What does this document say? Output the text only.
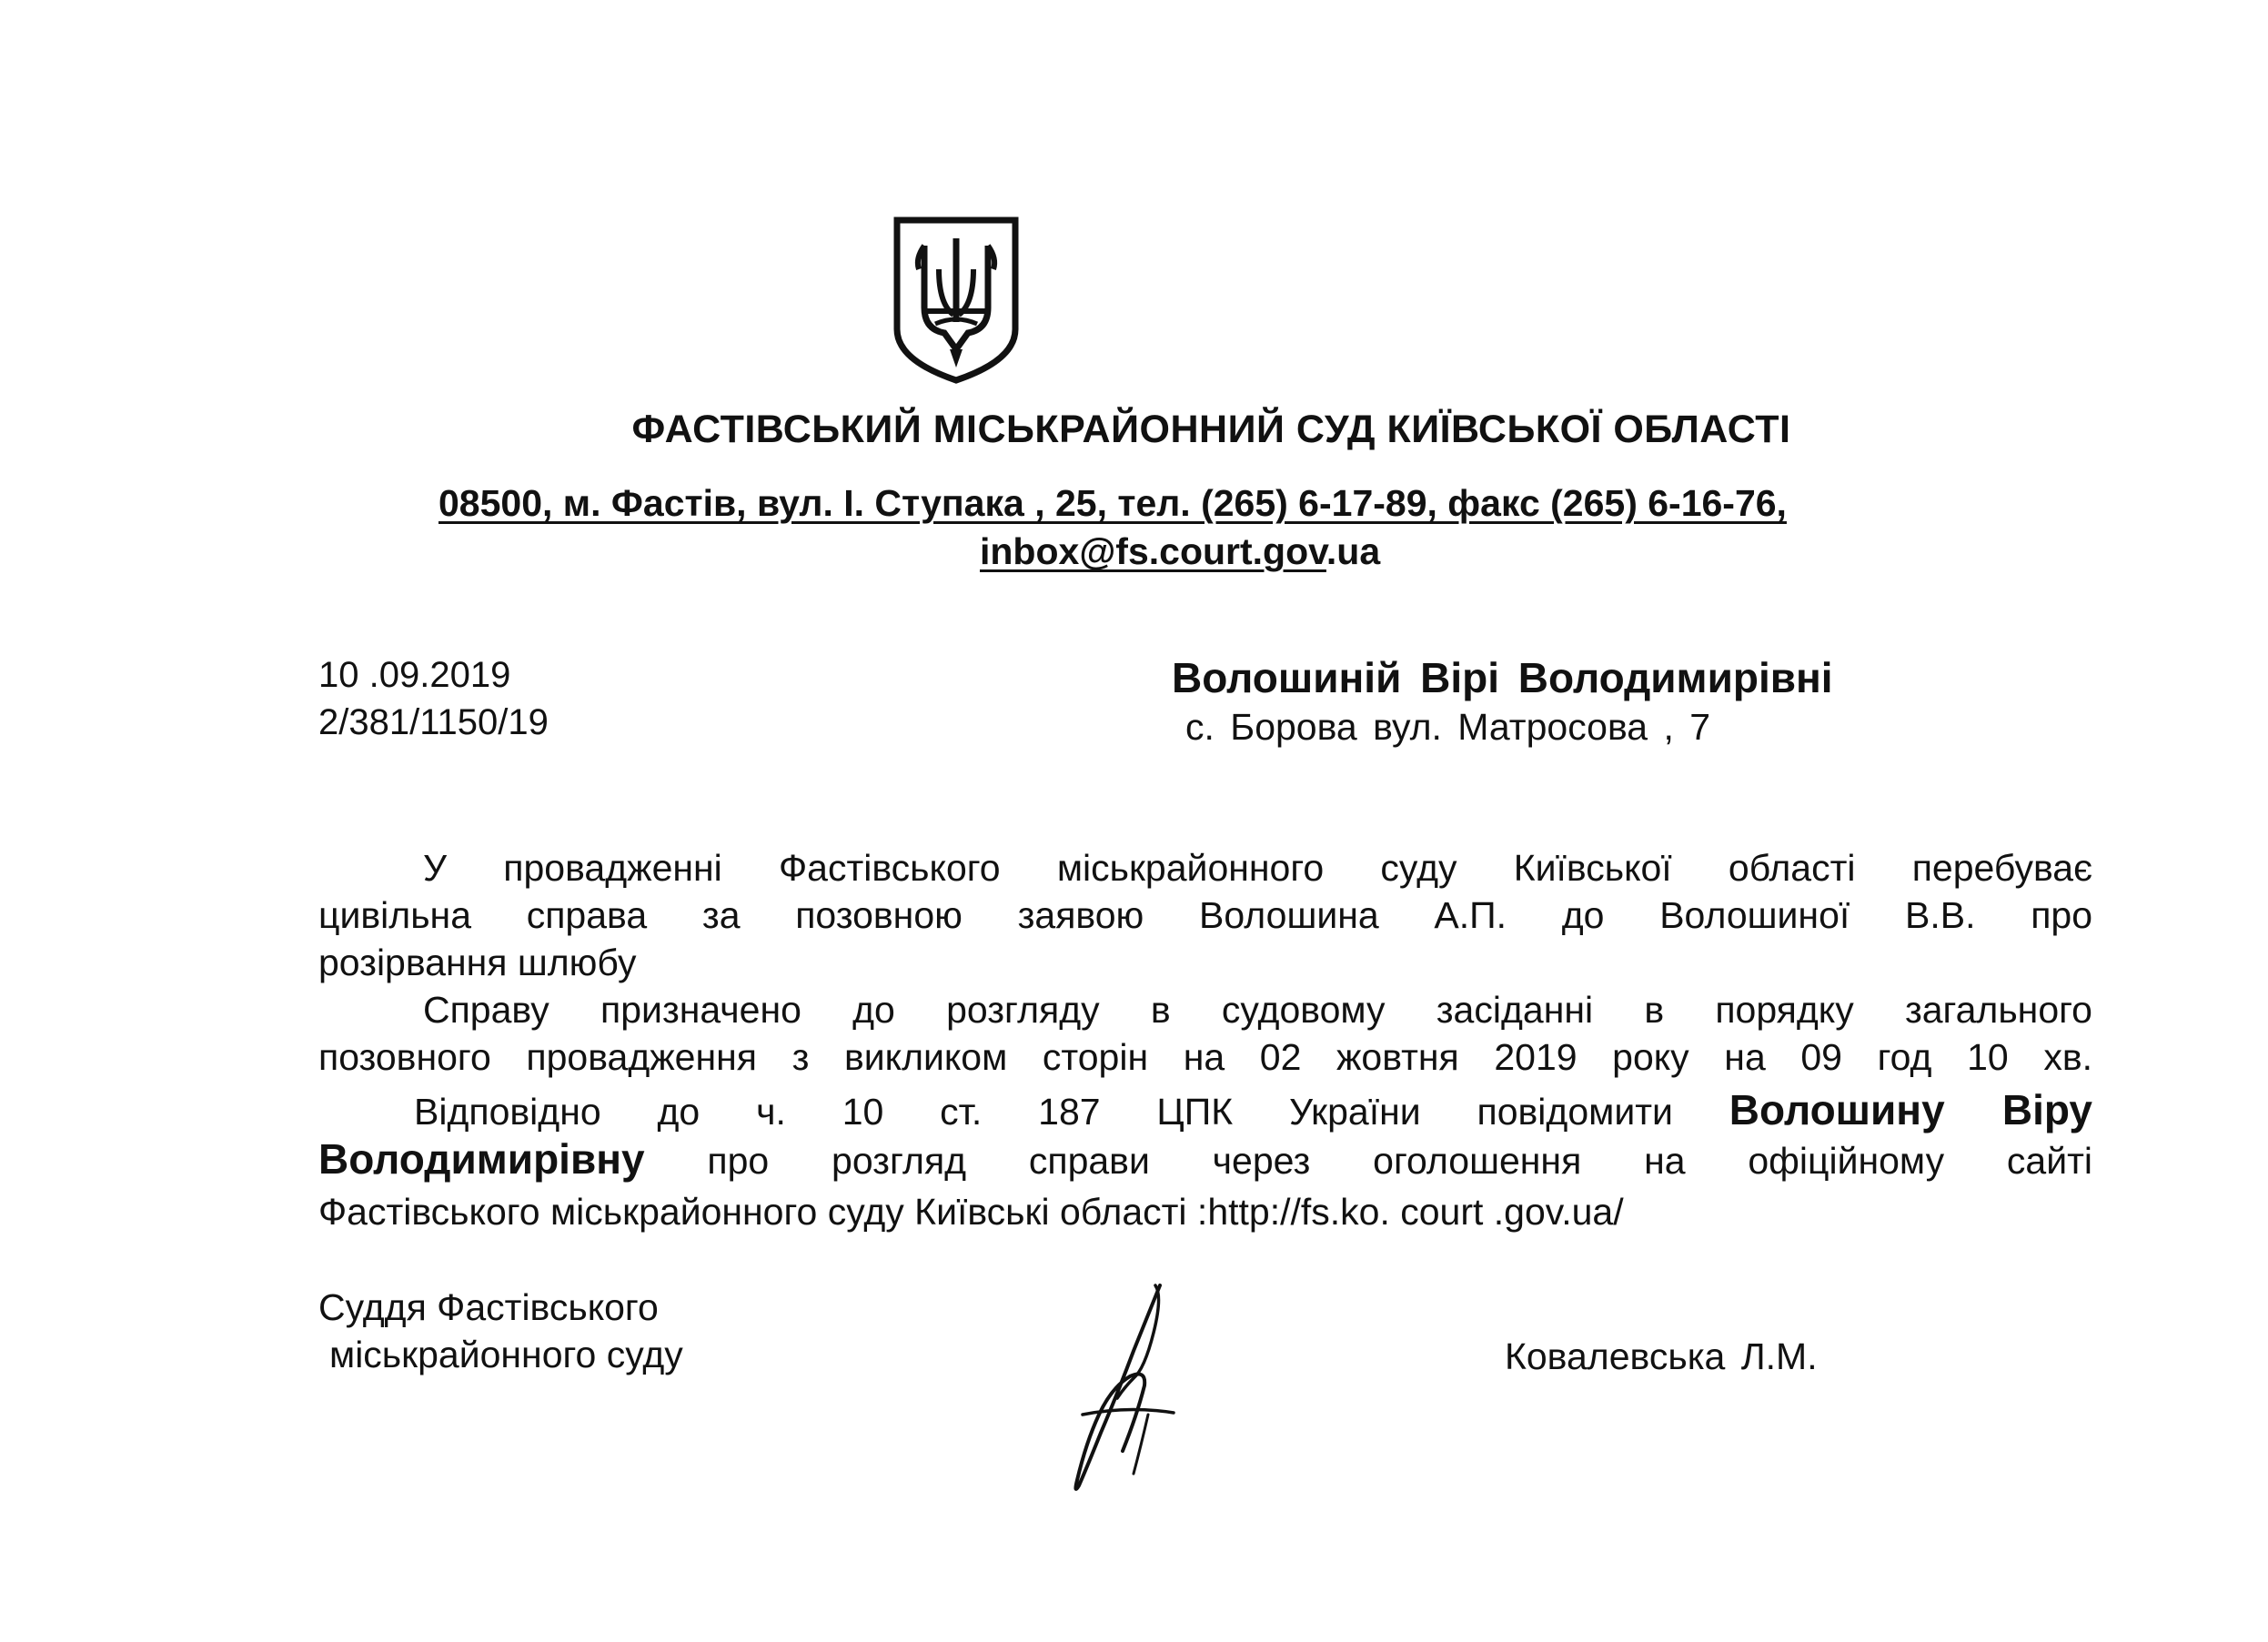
ФАСТІВСЬКИЙ МІСЬКРАЙОННИЙ СУД КИЇВСЬКОЇ ОБЛАСТІ
08500, м. Фастів, вул. І. Ступака , 25, тел. (265) 6-17-89, факс (265) 6-16-76,
inbox@fs.court.gov.ua
10 .09.2019
2/381/1150/19
Волошиній Вірі Володимирівні
с. Борова вул. Матросова , 7
У провадженні Фастівського міськрайонного суду Київської області перебуває
цивільна справа за позовною заявою Волошина А.П. до Волошиної В.В. про
розірвання шлюбу
Справу призначено до розгляду в судовому засіданні в порядку загального
позовного провадження з викликом сторін на 02 жовтня 2019 року на 09 год 10 хв.
Відповідно до ч. 10 ст. 187 ЦПК України повідомити Волошину Віру
Володимирівну про розгляд справи через оголошення на офіційному сайті
Фастівського міськрайонного суду Київські області :http://fs.ko. court .gov.ua/
Суддя Фастівського
міськрайонного суду	Ковалевська Л.М.
